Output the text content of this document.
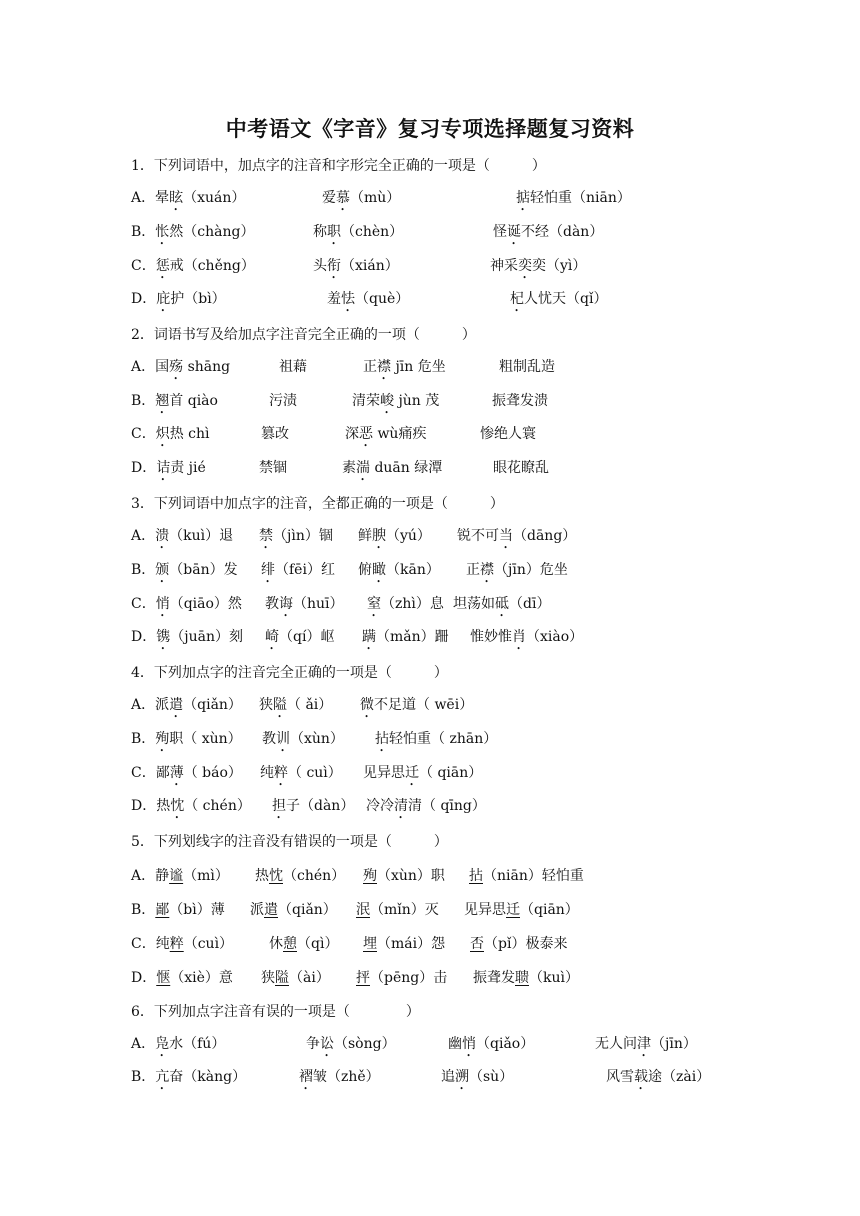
中考语文《字音》复习专项选择题复习资料
1．下列词语中，加点字的注音和字形完全正确的一项是（　　　）
A．晕眩（xuán）	爱慕（mù）	掂轻怕重（niān）
B．怅然（chàng）	称职（chèn）	怪诞不经（dàn）
C．惩戒（chěng）	头衔（xián）	神采奕奕（yì）
D．庇护（bì）	羞怯（què）	杞人忧天（qǐ）
2．词语书写及给加点字注音完全正确的一项（　　　）
A．国殇 shāng	祖藉	正襟 jīn 危坐	粗制乱造
B．翘首 qiào	污渍	清荣峻 jùn 茂	振聋发溃
C．炽热 chì	篡改	深恶 wù痛疾	惨绝人寰
D．诘责 jié	禁锢	素湍 duān 绿潭	眼花瞭乱
3．下列词语中加点字的注音，全都正确的一项是（　　　）
A．溃（kuì）退 禁（jìn）锢 鲜腴（yú） 锐不可当（dāng）
B．颁（bān）发 绯（fēi）红 俯瞰（kān） 正襟（jīn）危坐
C．悄（qiāo）然 教诲（huī） 窒（zhì）息 坦荡如砥（dī）
D．镌（juān）刻 崎（qí）岖 蹒（mǎn）跚 惟妙惟肖（xiào）
4．下列加点字的注音完全正确的一项是（　　　）
A．派遣（qiǎn） 狭隘（ ǎi） 微不足道（ wēi）
B．殉职（ xùn） 教训（xùn） 拈轻怕重（ zhān）
C．鄙薄（ báo） 纯粹（ cuì） 见异思迁（ qiān）
D．热忱（ chén） 担子（dàn） 冷冷清清（ qīng）
5．下列划线字的注音没有错误的一项是（　　　）
A．静谧（mì） 热忱（chén） 殉（xùn）职 拈（niān）轻怕重
B．鄙（bì）薄 派遣（qiǎn） 泯（mǐn）灭 见异思迁（qiān）
C．纯粹（cuì）	休憩（qì） 埋（mái）怨 否（pǐ）极泰来
D．惬（xiè）意 狭隘（ài） 抨（pēng）击 振聋发聩（kuì）
6．下列加点字注音有误的一项是（　　　　）
A．凫水（fú）	争讼（sòng）	幽悄（qiǎo）	无人问津（jīn）
B．亢奋（kàng）	褶皱（zhě）	追溯（sù）	风雪载途（zài）
